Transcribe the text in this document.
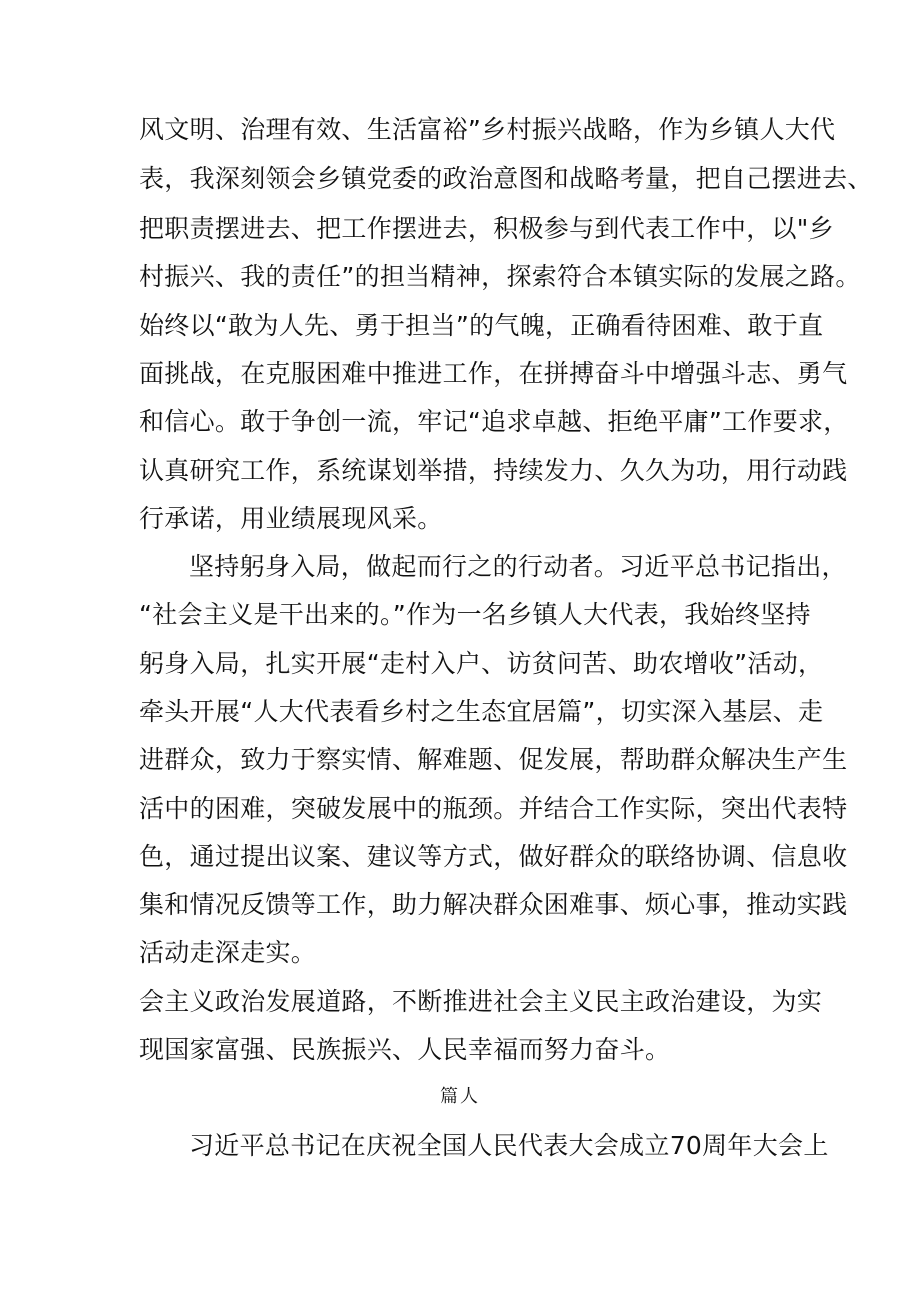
风文明、治理有效、生活富裕”乡村振兴战略，作为乡镇人大代
表，我深刻领会乡镇党委的政治意图和战略考量，把自己摆进去、
把职责摆进去、把工作摆进去，积极参与到代表工作中，以"乡
村振兴、我的责任”的担当精神，探索符合本镇实际的发展之路。
始终以“敢为人先、勇于担当”的气魄，正确看待困难、敢于直
面挑战，在克服困难中推进工作，在拼搏奋斗中增强斗志、勇气
和信心。敢于争创一流，牢记“追求卓越、拒绝平庸”工作要求，
认真研究工作，系统谋划举措，持续发力、久久为功，用行动践
行承诺，用业绩展现风采。
坚持躬身入局，做起而行之的行动者。习近平总书记指出，
“社会主义是干出来的。”作为一名乡镇人大代表，我始终坚持
躬身入局，扎实开展“走村入户、访贫问苦、助农增收”活动，
牵头开展“人大代表看乡村之生态宜居篇”，切实深入基层、走
进群众，致力于察实情、解难题、促发展，帮助群众解决生产生
活中的困难，突破发展中的瓶颈。并结合工作实际，突出代表特
色，通过提出议案、建议等方式，做好群众的联络协调、信息收
集和情况反馈等工作，助力解决群众困难事、烦心事，推动实践
活动走深走实。
会主义政治发展道路，不断推进社会主义民主政治建设，为实
现国家富强、民族振兴、人民幸福而努力奋斗。
篇人
习近平总书记在庆祝全国人民代表大会成立70周年大会上
